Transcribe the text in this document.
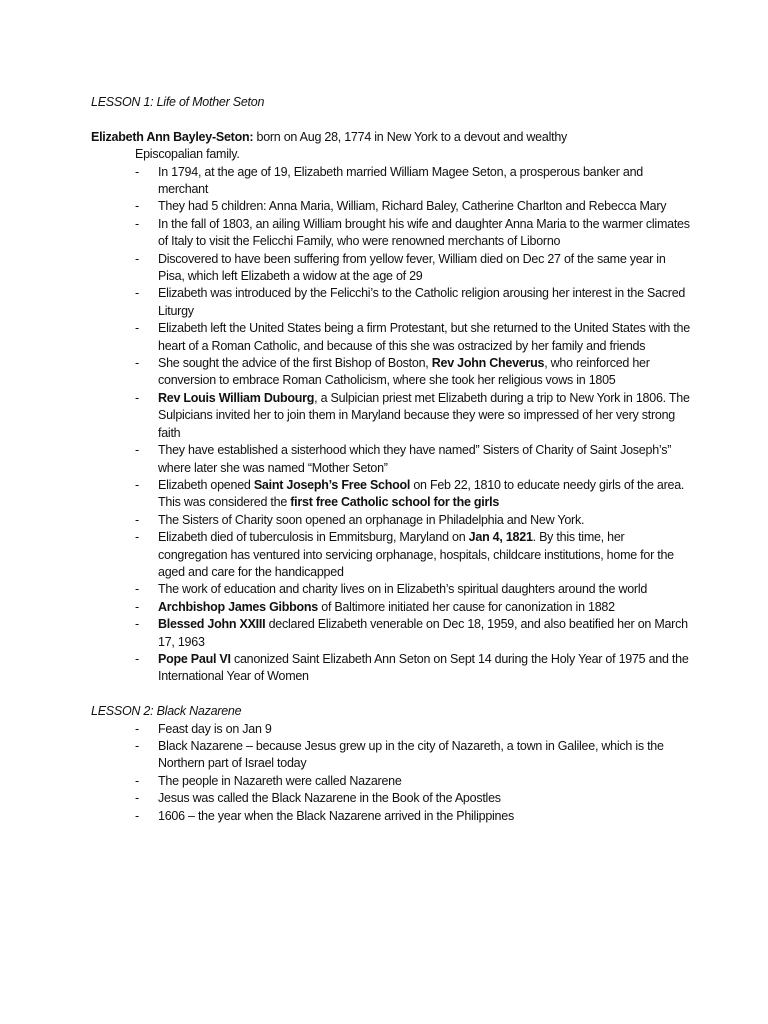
LESSON 1: Life of Mother Seton

Elizabeth Ann Bayley-Seton: born on Aug 28, 1774 in New York to a devout and wealthy
Episcopalian family.

- In 1794, at the age of 19, Elizabeth married William Magee Seton, a prosperous banker and merchant
- They had 5 children: Anna Maria, William, Richard Baley, Catherine Charlton and Rebecca Mary
- In the fall of 1803, an ailing William brought his wife and daughter Anna Maria to the warmer climates of Italy to visit the Felicchi Family, who were renowned merchants of Liborno
- Discovered to have been suffering from yellow fever, William died on Dec 27 of the same year in Pisa, which left Elizabeth a widow at the age of 29
- Elizabeth was introduced by the Felicchi’s to the Catholic religion arousing her interest in the Sacred Liturgy
- Elizabeth left the United States being a firm Protestant, but she returned to the United States with the heart of a Roman Catholic, and because of this she was ostracized by her family and friends
- She sought the advice of the first Bishop of Boston, Rev John Cheverus, who reinforced her conversion to embrace Roman Catholicism, where she took her religious vows in 1805
- Rev Louis William Dubourg, a Sulpician priest met Elizabeth during a trip to New York in 1806. The Sulpicians invited her to join them in Maryland because they were so impressed of her very strong faith
- They have established a sisterhood which they have named” Sisters of Charity of Saint Joseph’s” where later she was named “Mother Seton”
- Elizabeth opened Saint Joseph’s Free School on Feb 22, 1810 to educate needy girls of the area. This was considered the first free Catholic school for the girls
- The Sisters of Charity soon opened an orphanage in Philadelphia and New York.
- Elizabeth died of tuberculosis in Emmitsburg, Maryland on Jan 4, 1821. By this time, her congregation has ventured into servicing orphanage, hospitals, childcare institutions, home for the aged and care for the handicapped
- The work of education and charity lives on in Elizabeth’s spiritual daughters around the world
- Archbishop James Gibbons of Baltimore initiated her cause for canonization in 1882
- Blessed John XXIII declared Elizabeth venerable on Dec 18, 1959, and also beatified her on March 17, 1963
- Pope Paul VI canonized Saint Elizabeth Ann Seton on Sept 14 during the Holy Year of 1975 and the International Year of Women

LESSON 2: Black Nazarene

- Feast day is on Jan 9
- Black Nazarene – because Jesus grew up in the city of Nazareth, a town in Galilee, which is the Northern part of Israel today
- The people in Nazareth were called Nazarene
- Jesus was called the Black Nazarene in the Book of the Apostles
- 1606 – the year when the Black Nazarene arrived in the Philippines
